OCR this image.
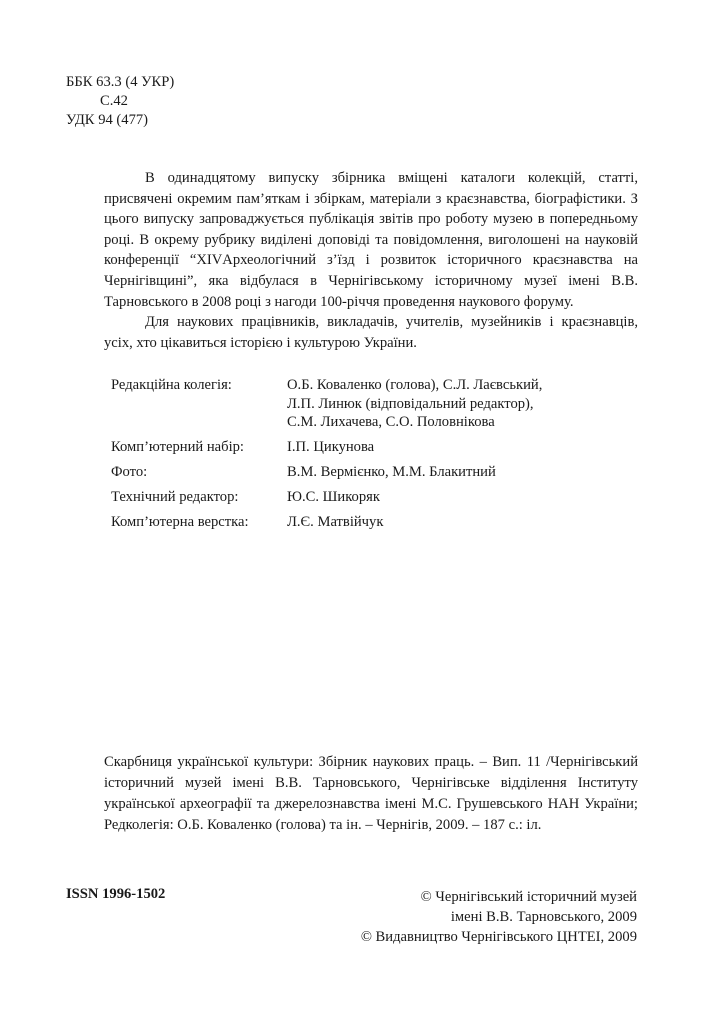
ББК 63.3 (4 УКР)
С.42
УДК 94 (477)

В одинадцятому випуску збірника вміщені каталоги колекцій, статті, присвячені окремим пам’яткам і збіркам, матеріали з краєзнавства, біографістики. З цього випуску запроваджується публікація звітів про роботу музею в попередньому році. В окрему рубрику виділені доповіді та повідомлення, виголошені на науковій конференції “XIVАрхеологічний з’їзд і розвиток історичного краєзнавства на Чернігівщині”, яка відбулася в Чернігівському історичному музеї імені В.В. Тарновського в 2008 році з нагоди 100-річчя проведення наукового форуму.

Для наукових працівників, викладачів, учителів, музейників і краєзнавців, усіх, хто цікавиться історією і культурою України.

Редакційна колегія:	О.Б. Коваленко (голова), С.Л. Лаєвський,
Л.П. Линюк (відповідальний редактор),
С.М. Лихачева, С.О. Половнікова
Комп’ютерний набір:	І.П. Цикунова
Фото:	В.М. Вермієнко, М.М. Блакитний
Технічний редактор:	Ю.С. Шикоряк
Комп’ютерна верстка:	Л.Є. Матвійчук
Скарбниця української культури: Збірник наукових праць. – Вип. 11 /Чернігівський
історичний музей імені В.В. Тарновського, Чернігівське відділення Інституту
української археографії та джерелознавства імені М.С. Грушевського НАН України;
Редколегія: О.Б. Коваленко (голова) та ін. – Чернігів, 2009. – 187 с.: іл.
ISSN 1996-1502	© Чернігівський історичний музей
імені В.В. Тарновського, 2009
© Видавництво Чернігівського ЦНТЕІ, 2009
